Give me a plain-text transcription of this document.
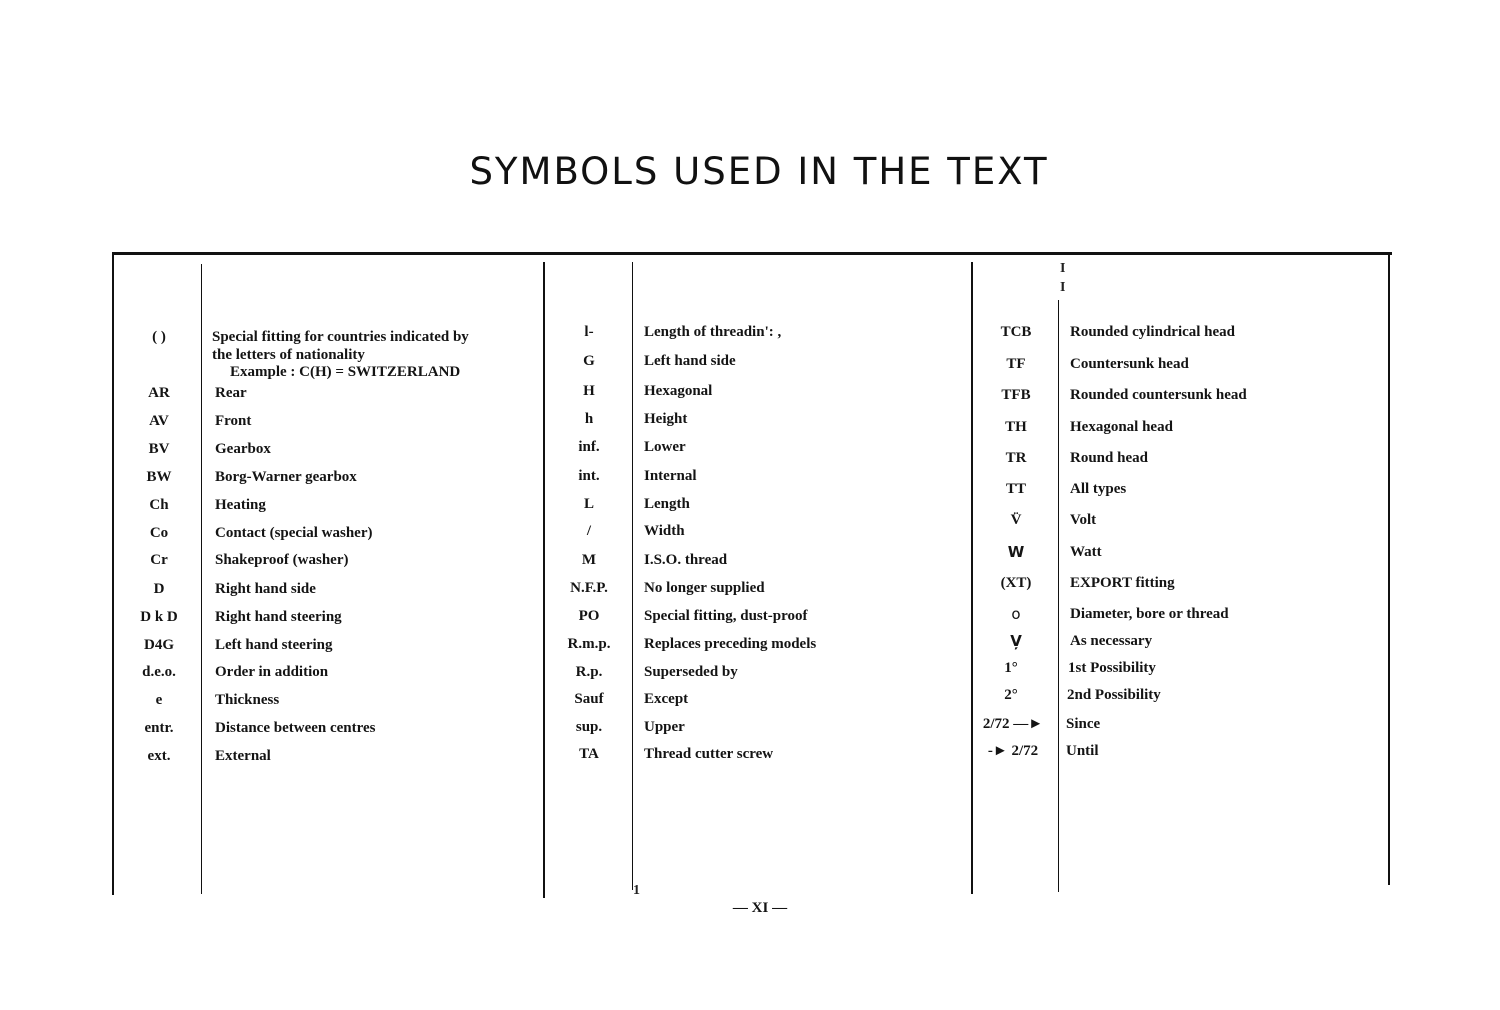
SYMBOLS USED IN THE TEXT
I
I
1
( )	Special fitting for countries indicated by
the letters of nationality
Example : C(H) = SWITZERLAND
AR	Rear
AV	Front
BV	Gearbox
BW	Borg-Warner gearbox
Ch	Heating
Co	Contact (special washer)
Cr	Shakeproof (washer)
D	Right hand side
D k D	Right hand steering
D4G	Left hand steering
d.e.o.	Order in addition
e	Thickness
entr.	Distance between centres
ext.	External
l-	Length of threadin': ,
G	Left hand side
H	Hexagonal
h	Height
inf.	Lower
int.	Internal
L	Length
/	Width
M	I.S.O. thread
N.F.P.	No longer supplied
PO	Special fitting, dust-proof
R.m.p.	Replaces preceding models
R.p.	Superseded by
Sauf	Except
sup.	Upper
TA	Thread cutter screw
TCB	Rounded cylindrical head
TF	Countersunk head
TFB	Rounded countersunk head
TH	Hexagonal head
TR	Round head
TT	All types
V̈	Volt
W	Watt
(XT)	EXPORT fitting
o	Diameter, bore or thread
V̦	As necessary
1°	1st Possibility
2°	2nd Possibility
2/72 —►	Since
-► 2/72	Until
— XI —
